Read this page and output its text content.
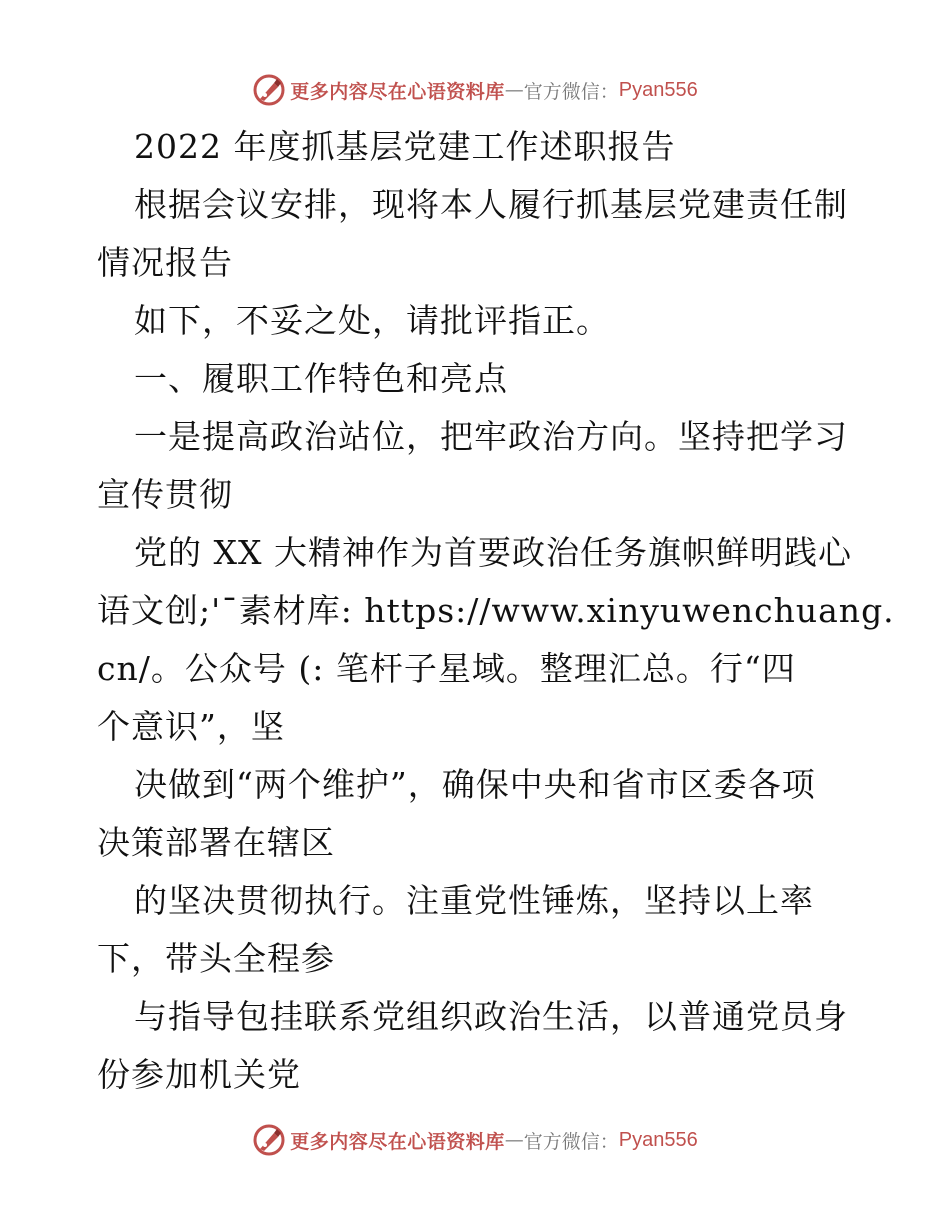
更多内容尽在心语资料库 — 官方微信： Pyan556
2022 年度抓基层党建工作述职报告
根据会议安排，现将本人履行抓基层党建责任制
情况报告
如下，不妥之处，请批评指正。
一、履职工作特色和亮点
一是提高政治站位，把牢政治方向。坚持把学习
宣传贯彻
党的 XX 大精神作为首要政治任务旗帜鲜明践心
语文创;'¯素材库: https://www.xinyuwenchuang.
cn/。公众号 (: 笔杆子星域。整理汇总。行“四
个意识”，坚
决做到“两个维护”，确保中央和省市区委各项
决策部署在辖区
的坚决贯彻执行。注重党性锤炼，坚持以上率
下，带头全程参
与指导包挂联系党组织政治生活，以普通党员身
份参加机关党
更多内容尽在心语资料库 — 官方微信： Pyan556
